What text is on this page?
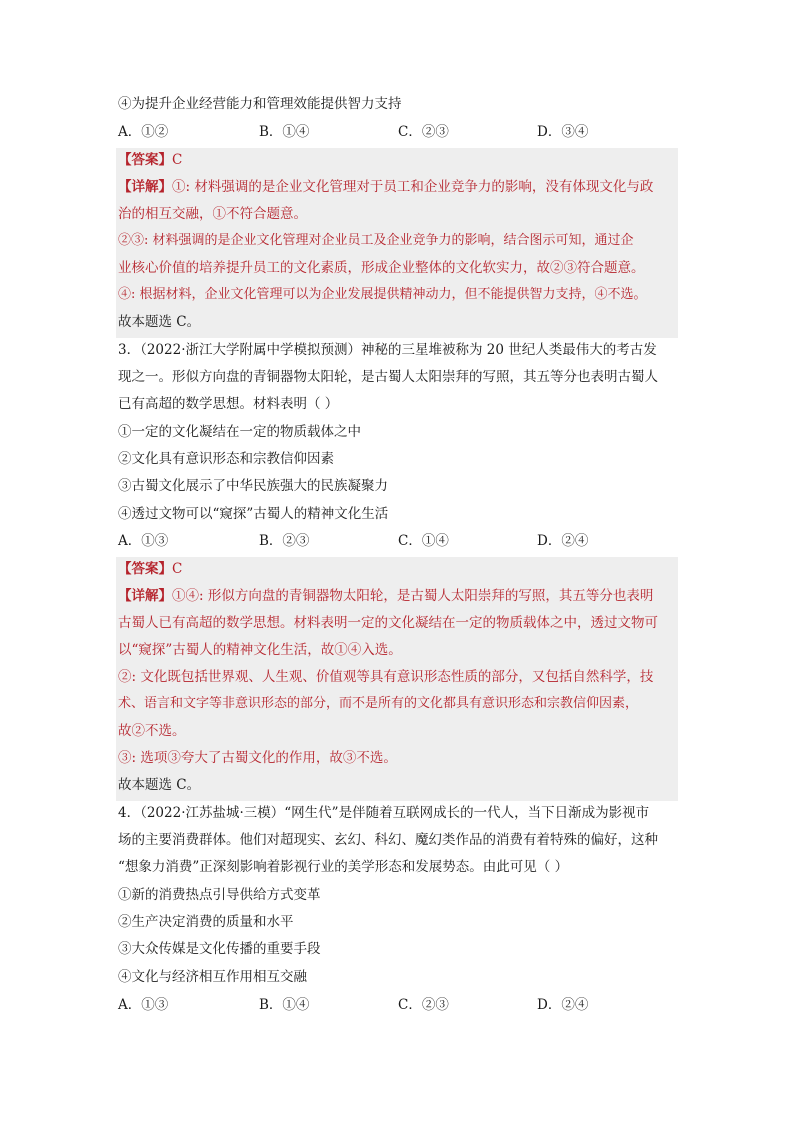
④为提升企业经营能力和管理效能提供智力支持
A．①②	B．①④	C．②③	D．③④
【答案】C
【详解】①: 材料强调的是企业文化管理对于员工和企业竞争力的影响，没有体现文化与政
治的相互交融，①不符合题意。
②③: 材料强调的是企业文化管理对企业员工及企业竞争力的影响，结合图示可知，通过企
业核心价值的培养提升员工的文化素质，形成企业整体的文化软实力，故②③符合题意。
④: 根据材料，企业文化管理可以为企业发展提供精神动力，但不能提供智力支持，④不选。
故本题选 C。
3．（2022·浙江大学附属中学模拟预测）神秘的三星堆被称为 20 世纪人类最伟大的考古发
现之一。形似方向盘的青铜器物太阳轮，是古蜀人太阳崇拜的写照，其五等分也表明古蜀人
已有高超的数学思想。材料表明（ ）
①一定的文化凝结在一定的物质载体之中
②文化具有意识形态和宗教信仰因素
③古蜀文化展示了中华民族强大的民族凝聚力
④透过文物可以“窥探”古蜀人的精神文化生活
A．①③	B．②③	C．①④	D．②④
【答案】C
【详解】①④: 形似方向盘的青铜器物太阳轮，是古蜀人太阳崇拜的写照，其五等分也表明
古蜀人已有高超的数学思想。材料表明一定的文化凝结在一定的物质载体之中，透过文物可
以“窥探”古蜀人的精神文化生活，故①④入选。
②: 文化既包括世界观、人生观、价值观等具有意识形态性质的部分，又包括自然科学，技
术、语言和文字等非意识形态的部分，而不是所有的文化都具有意识形态和宗教信仰因素，
故②不选。
③: 选项③夸大了古蜀文化的作用，故③不选。
故本题选 C。
4．（2022·江苏盐城·三模）“网生代”是伴随着互联网成长的一代人，当下日渐成为影视市
场的主要消费群体。他们对超现实、玄幻、科幻、魔幻类作品的消费有着特殊的偏好，这种
“想象力消费”正深刻影响着影视行业的美学形态和发展势态。由此可见（ ）
①新的消费热点引导供给方式变革
②生产决定消费的质量和水平
③大众传媒是文化传播的重要手段
④文化与经济相互作用相互交融
A．①③	B．①④	C．②③	D．②④
